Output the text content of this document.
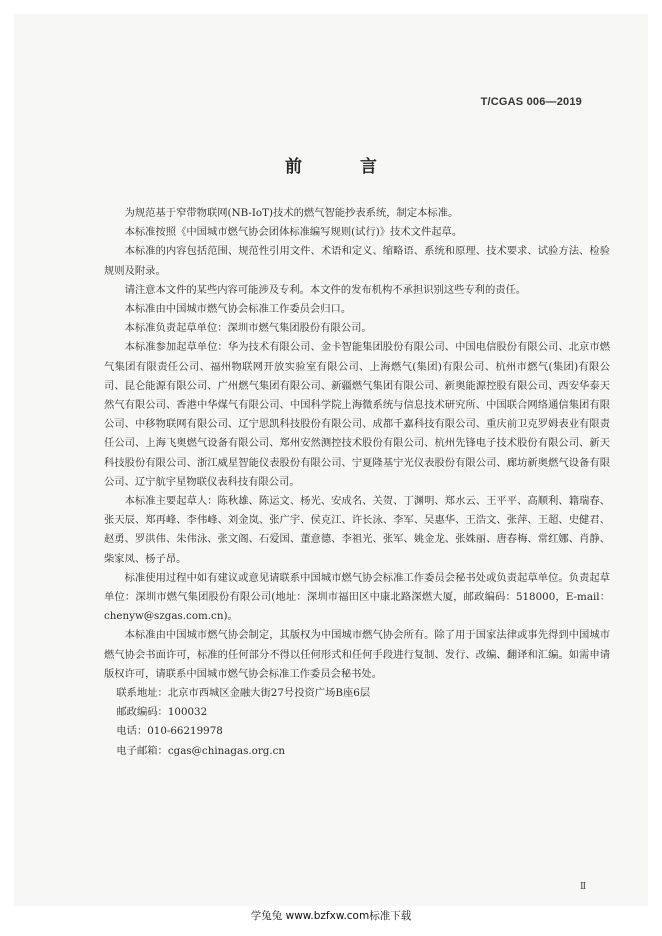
T/CGAS 006—2019
前 言

为规范基于窄带物联网(NB-IoT)技术的燃气智能抄表系统，制定本标准。

本标准按照《中国城市燃气协会团体标准编写规则(试行)》技术文件起草。

本标准的内容包括范围、规范性引用文件、术语和定义、缩略语、系统和原理、技术要求、试验方法、检验规则及附录。

请注意本文件的某些内容可能涉及专利。本文件的发布机构不承担识别这些专利的责任。

本标准由中国城市燃气协会标准工作委员会归口。

本标准负责起草单位：深圳市燃气集团股份有限公司。

本标准参加起草单位：华为技术有限公司、金卡智能集团股份有限公司、中国电信股份有限公司、北京市燃气集团有限责任公司、福州物联网开放实验室有限公司、上海燃气(集团)有限公司、杭州市燃气(集团)有限公司、昆仑能源有限公司、广州燃气集团有限公司、新疆燃气集团有限公司、新奥能源控股有限公司、西安华泰天然气有限公司、香港中华煤气有限公司、中国科学院上海微系统与信息技术研究所、中国联合网络通信集团有限公司、中移物联网有限公司、辽宁思凯科技股份有限公司、成都千嘉科技有限公司、重庆前卫克罗姆表业有限责任公司、上海飞奥燃气设备有限公司、郑州安然测控技术股份有限公司、杭州先锋电子技术股份有限公司、新天科技股份有限公司、浙江威星智能仪表股份有限公司、宁夏隆基宁光仪表股份有限公司、廊坊新奥燃气设备有限公司、辽宁航宇星物联仪表科技有限公司。

本标准主要起草人：陈秋雄、陈运文、杨光、安成名、关贺、丁渊明、郑水云、王平平、高顺利、籍瑞春、张天辰、郑再峰、李伟峰、刘金岚、张广宇、侯克江、许长泳、李军、吴惠华、王浩文、张萍、王超、史健君、赵勇、罗洪伟、朱伟泳、张文阁、石爱国、董意德、李祖光、张军、姚金龙、张姝丽、唐春梅、常红娜、肖静、柴家凤、杨子昂。

标准使用过程中如有建议或意见请联系中国城市燃气协会标准工作委员会秘书处或负责起草单位。负责起草单位：深圳市燃气集团股份有限公司(地址：深圳市福田区中康北路深燃大厦，邮政编码：518000，E-mail：chenyw@szgas.com.cn)。

本标准由中国城市燃气协会制定，其版权为中国城市燃气协会所有。除了用于国家法律或事先得到中国城市燃气协会书面许可，标准的任何部分不得以任何形式和任何手段进行复制、发行、改编、翻译和汇编。如需申请版权许可，请联系中国城市燃气协会标准工作委员会秘书处。

联系地址：北京市西城区金融大街27号投资广场B座6层

邮政编码：100032

电话：010-66219978

电子邮箱：cgas@chinagas.org.cn

Ⅱ
学兔兔 www.bzfxw.com标准下载
